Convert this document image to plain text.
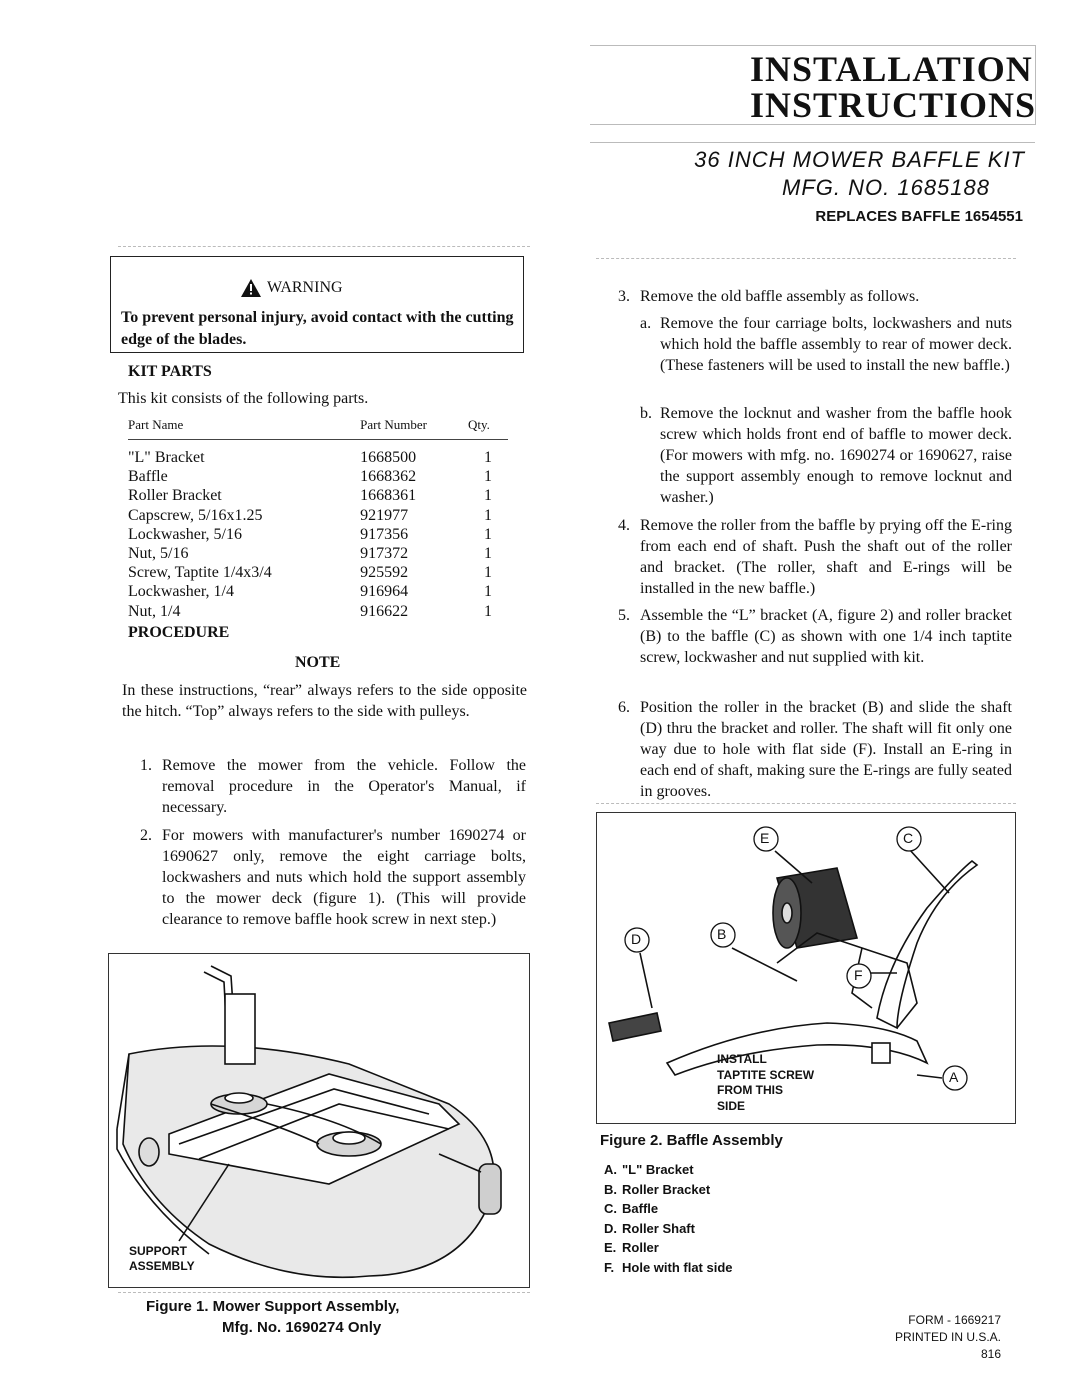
INSTALLATION
INSTRUCTIONS
36 INCH MOWER BAFFLE KIT
MFG. NO. 1685188
REPLACES BAFFLE 1654551
WARNING
To prevent personal injury, avoid contact with the cutting edge of the blades.
KIT PARTS
This kit consists of the following parts.
Part Name	Part Number	Qty.
"L" Bracket	1668500	1
Baffle	1668362	1
Roller Bracket	1668361	1
Capscrew, 5/16x1.25	921977	1
Lockwasher, 5/16	917356	1
Nut, 5/16	917372	1
Screw, Taptite 1/4x3/4	925592	1
Lockwasher, 1/4	916964	1
Nut, 1/4	916622	1
PROCEDURE
NOTE
In these instructions, “rear” always refers to the side opposite the hitch. “Top” always refers to the side with pulleys.
1. Remove the mower from the vehicle. Follow the removal procedure in the Operator's Manual, if necessary.
2. For mowers with manufacturer's number 1690274 or 1690627 only, remove the eight carriage bolts, lockwashers and nuts which hold the support assembly to the mower deck (figure 1). (This will provide clearance to remove baffle hook screw in next step.)
3. Remove the old baffle assembly as follows.
a. Remove the four carriage bolts, lockwashers and nuts which hold the baffle assembly to rear of mower deck. (These fasteners will be used to install the new baffle.)
b. Remove the locknut and washer from the baffle hook screw which holds front end of baffle to mower deck. (For mowers with mfg. no. 1690274 or 1690627, raise the support assembly enough to remove locknut and washer.)
4. Remove the roller from the baffle by prying off the E-ring from each end of shaft. Push the shaft out of the roller and bracket. (The roller, shaft and E-rings will be installed in the new baffle.)
5. Assemble the “L” bracket (A, figure 2) and roller bracket (B) to the baffle (C) as shown with one 1/4 inch taptite screw, lockwasher and nut supplied with kit.
6. Position the roller in the bracket (B) and slide the shaft (D) thru the bracket and roller. The shaft will fit only one way due to hole with flat side (F). Install an E-ring in each end of shaft, making sure the E-rings are fully seated in grooves.
SUPPORT ASSEMBLY
Figure 1. Mower Support Assembly,
Mfg. No. 1690274 Only
E	C
D	B
F
A
INSTALL
TAPTITE SCREW
FROM THIS
SIDE
Figure 2. Baffle Assembly
A. "L" Bracket
B. Roller Bracket
C. Baffle
D. Roller Shaft
E. Roller
F. Hole with flat side
FORM - 1669217
PRINTED IN U.S.A.
816
